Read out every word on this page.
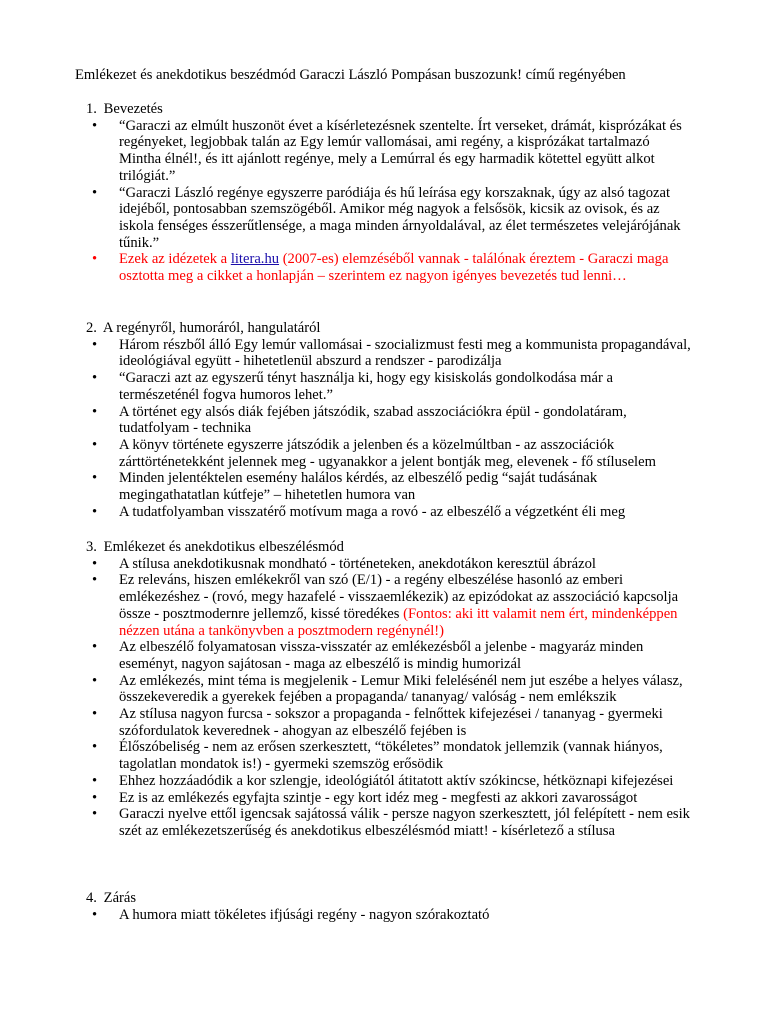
Emlékezet és anekdotikus beszédmód Garaczi László Pompásan buszozunk! című regényében
1. Bevezetés
• “Garaczi az elmúlt huszonöt évet a kísérletezésnek szentelte. Írt verseket, drámát, kisprózákat és regényeket, legjobbak talán az Egy lemúr vallomásai, ami regény, a kisprózákat tartalmazó Mintha élnél!, és itt ajánlott regénye, mely a Lemúrral és egy harmadik kötettel együtt alkot trilógiát.”
• “Garaczi László regénye egyszerre paródiája és hű leírása egy korszaknak, úgy az alsó tagozat idejéből, pontosabban szemszögéből. Amikor még nagyok a felsősök, kicsik az ovisok, és az iskola fenséges ésszerűtlensége, a maga minden árnyoldalával, az élet természetes velejárójának tűnik.”
• Ezek az idézetek a litera.hu (2007-es) elemzéséből vannak - találónak éreztem - Garaczi maga osztotta meg a cikket a honlapján – szerintem ez nagyon igényes bevezetés tud lenni…
2. A regényről, humoráról, hangulatáról
• Három részből álló Egy lemúr vallomásai - szocializmust festi meg a kommunista propagandával, ideológiával együtt - hihetetlenül abszurd a rendszer - parodizálja
• “Garaczi azt az egyszerű tényt használja ki, hogy egy kisiskolás gondolkodása már a természeténél fogva humoros lehet.”
• A történet egy alsós diák fejében játszódik, szabad asszociációkra épül - gondolatáram, tudatfolyam - technika
• A könyv története egyszerre játszódik a jelenben és a közelmúltban - az asszociációk zárttörténetekként jelennek meg - ugyanakkor a jelent bontják meg, elevenek - fő stíluselem
• Minden jelentéktelen esemény halálos kérdés, az elbeszélő pedig “saját tudásának megingathatatlan kútfeje” – hihetetlen humora van
• A tudatfolyamban visszatérő motívum maga a rovó - az elbeszélő a végzetként éli meg
3. Emlékezet és anekdotikus elbeszélésmód
• A stílusa anekdotikusnak mondható - történeteken, anekdotákon keresztül ábrázol
• Ez releváns, hiszen emlékekről van szó (E/1) - a regény elbeszélése hasonló az emberi emlékezéshez - (rovó, megy hazafelé - visszaemlékezik) az epizódokat az asszociáció kapcsolja össze - posztmodernre jellemző, kissé töredékes (Fontos: aki itt valamit nem ért, mindenképpen nézzen utána a tankönyvben a posztmodern regénynél!)
• Az elbeszélő folyamatosan vissza-visszatér az emlékezésből a jelenbe - magyaráz minden eseményt, nagyon sajátosan - maga az elbeszélő is mindig humorizál
• Az emlékezés, mint téma is megjelenik - Lemur Miki felelésénél nem jut eszébe a helyes válasz, összekeveredik a gyerekek fejében a propaganda/ tananyag/ valóság - nem emlékszik
• Az stílusa nagyon furcsa - sokszor a propaganda - felnőttek kifejezései / tananyag - gyermeki szófordulatok keverednek - ahogyan az elbeszélő fejében is
• Élőszóbeliség - nem az erősen szerkesztett, “tökéletes” mondatok jellemzik (vannak hiányos, tagolatlan mondatok is!) - gyermeki szemszög erősödik
• Ehhez hozzáadódik a kor szlengje, ideológiától átitatott aktív szókincse, hétköznapi kifejezései
• Ez is az emlékezés egyfajta szintje - egy kort idéz meg - megfesti az akkori zavarosságot
• Garaczi nyelve ettől igencsak sajátossá válik - persze nagyon szerkesztett, jól felépített - nem esik szét az emlékezetszerűség és anekdotikus elbeszélésmód miatt! - kísérletező a stílusa
4. Zárás
• A humora miatt tökéletes ifjúsági regény - nagyon szórakoztató
